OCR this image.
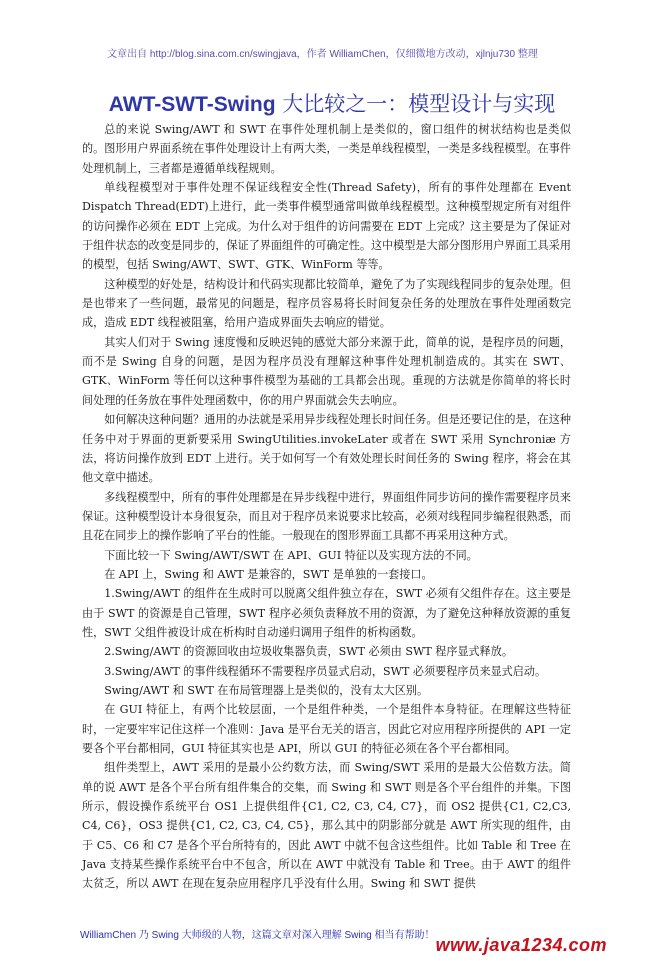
文章出自 http://blog.sina.com.cn/swingjava，作者 WilliamChen，仅细微地方改动，xjlnju730 整理
AWT-SWT-Swing 大比较之一：模型设计与实现

总的来说 Swing/AWT 和 SWT 在事件处理机制上是类似的，窗口组件的树状结构也是类似的。图形用户界面系统在事件处理设计上有两大类，一类是单线程模型，一类是多线程模型。在事件处理机制上，三者都是遵循单线程规则。

单线程模型对于事件处理不保证线程安全性(Thread Safety)，所有的事件处理都在 Event Dispatch Thread(EDT)上进行，此一类事件模型通常叫做单线程模型。这种模型规定所有对组件的访问操作必须在 EDT 上完成。为什么对于组件的访问需要在 EDT 上完成？这主要是为了保证对于组件状态的改变是同步的，保证了界面组件的可确定性。这中模型是大部分图形用户界面工具采用的模型，包括 Swing/AWT、SWT、GTK、WinForm 等等。

这种模型的好处是，结构设计和代码实现都比较简单，避免了为了实现线程同步的复杂处理。但是也带来了一些问题，最常见的问题是，程序员容易将长时间复杂任务的处理放在事件处理函数完成，造成 EDT 线程被阻塞，给用户造成界面失去响应的错觉。

其实人们对于 Swing 速度慢和反映迟钝的感觉大部分来源于此，简单的说，是程序员的问题，而不是 Swing 自身的问题，是因为程序员没有理解这种事件处理机制造成的。其实在 SWT、GTK、WinForm 等任何以这种事件模型为基础的工具都会出现。重现的方法就是你简单的将长时间处理的任务放在事件处理函数中，你的用户界面就会失去响应。

如何解决这种问题？通用的办法就是采用异步线程处理长时间任务。但是还要记住的是，在这种任务中对于界面的更新要采用 SwingUtilities.invokeLater 或者在 SWT 采用 Synchroniæ 方法，将访问操作放到 EDT 上进行。关于如何写一个有效处理长时间任务的 Swing 程序，将会在其他文章中描述。

多线程模型中，所有的事件处理都是在异步线程中进行，界面组件同步访问的操作需要程序员来保证。这种模型设计本身很复杂，而且对于程序员来说要求比较高，必须对线程同步编程很熟悉，而且花在同步上的操作影响了平台的性能。一般现在的图形界面工具都不再采用这种方式。

下面比较一下 Swing/AWT/SWT 在 API、GUI 特征以及实现方法的不同。

在 API 上，Swing 和 AWT 是兼容的，SWT 是单独的一套接口。

1.Swing/AWT 的组件在生成时可以脱离父组件独立存在，SWT 必须有父组件存在。这主要是由于 SWT 的资源是自己管理，SWT 程序必须负责释放不用的资源，为了避免这种释放资源的重复性，SWT 父组件被设计成在析构时自动递归调用子组件的析构函数。

2.Swing/AWT 的资源回收由垃圾收集器负责，SWT 必须由 SWT 程序显式释放。

3.Swing/AWT 的事件线程循环不需要程序员显式启动，SWT 必须要程序员来显式启动。

Swing/AWT 和 SWT 在布局管理器上是类似的，没有太大区别。

在 GUI 特征上，有两个比较层面，一个是组件种类，一个是组件本身特征。在理解这些特征时，一定要牢牢记住这样一个准则：Java 是平台无关的语言，因此它对应用程序所提供的 API 一定要各个平台都相同，GUI 特征其实也是 API，所以 GUI 的特征必须在各个平台都相同。

组件类型上，AWT 采用的是最小公约数方法，而 Swing/SWT 采用的是最大公倍数方法。简单的说 AWT 是各个平台所有组件集合的交集，而 Swing 和 SWT 则是各个平台组件的并集。下图所示，假设操作系统平台 OS1 上提供组件{C1, C2, C3, C4, C7}，而 OS2 提供{C1, C2,C3, C4, C6}，OS3 提供{C1, C2, C3, C4, C5}，那么其中的阴影部分就是 AWT 所实现的组件，由于 C5、C6 和 C7 是各个平台所特有的，因此 AWT 中就不包含这些组件。比如 Table 和 Tree 在 Java 支持某些操作系统平台中不包含，所以在 AWT 中就没有 Table 和 Tree。由于 AWT 的组件太贫乏，所以 AWT 在现在复杂应用程序几乎没有什么用。Swing 和 SWT 提供

WilliamChen 乃 Swing 大师级的人物，这篇文章对深入理解 Swing 相当有帮助！ www.java1234.com
